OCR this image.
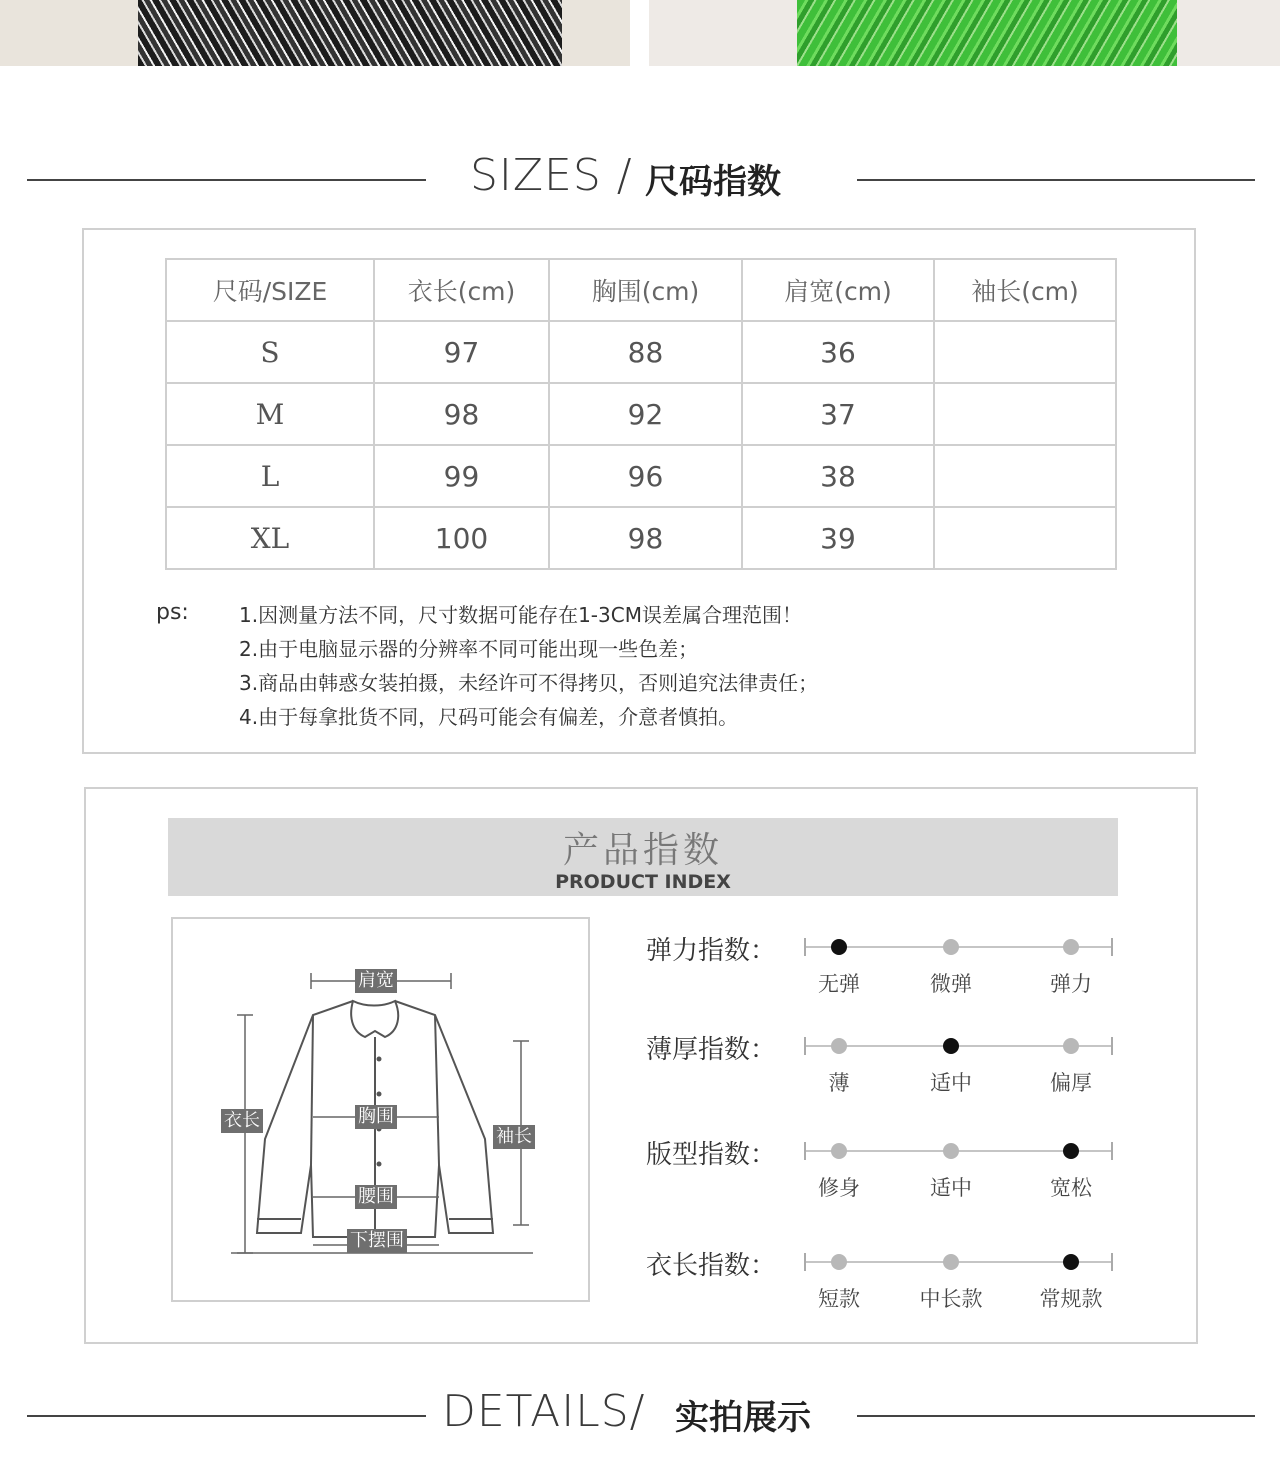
SIZES / 尺码指数
尺码/SIZE	衣长(cm)	胸围(cm)	肩宽(cm)	袖长(cm)
S	97	88	36	
M	98	92	37	
L	99	96	38	
XL	100	98	39	
ps:	1.因测量方法不同，尺寸数据可能存在1-3CM误差属合理范围！
2.由于电脑显示器的分辨率不同可能出现一些色差；
3.商品由韩惑女装拍摄，未经许可不得拷贝，否则追究法律责任；
4.由于每拿批货不同，尺码可能会有偏差，介意者慎拍。
产品指数
PRODUCT INDEX
肩宽
衣长	胸围
袖长
腰围
下摆围
弹力指数：
无弹	微弹	弹力
薄厚指数：
薄	适中	偏厚
版型指数：
修身	适中	宽松
衣长指数：
短款	中长款	常规款
DETAILS/ 实拍展示
